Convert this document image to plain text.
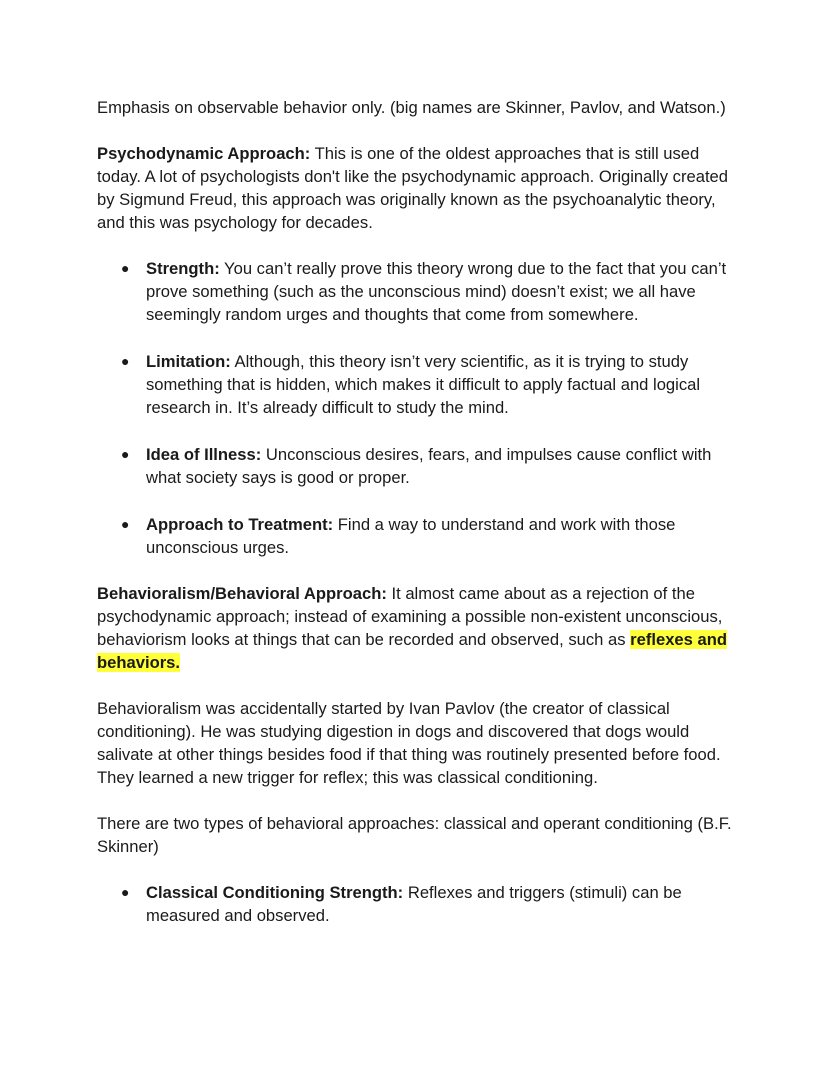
Emphasis on observable behavior only. (big names are Skinner, Pavlov, and Watson.)

Psychodynamic Approach: This is one of the oldest approaches that is still used today. A lot of psychologists don't like the psychodynamic approach. Originally created by Sigmund Freud, this approach was originally known as the psychoanalytic theory, and this was psychology for decades.

● Strength: You can’t really prove this theory wrong due to the fact that you can’t prove something (such as the unconscious mind) doesn’t exist; we all have seemingly random urges and thoughts that come from somewhere.
● Limitation: Although, this theory isn’t very scientific, as it is trying to study something that is hidden, which makes it difficult to apply factual and logical research in. It’s already difficult to study the mind.
● Idea of Illness: Unconscious desires, fears, and impulses cause conflict with what society says is good or proper.
● Approach to Treatment: Find a way to understand and work with those unconscious urges.

Behavioralism/Behavioral Approach: It almost came about as a rejection of the psychodynamic approach; instead of examining a possible non-existent unconscious, behaviorism looks at things that can be recorded and observed, such as reflexes and behaviors.

Behavioralism was accidentally started by Ivan Pavlov (the creator of classical conditioning). He was studying digestion in dogs and discovered that dogs would salivate at other things besides food if that thing was routinely presented before food. They learned a new trigger for reflex; this was classical conditioning.

There are two types of behavioral approaches: classical and operant conditioning (B.F. Skinner)

● Classical Conditioning Strength: Reflexes and triggers (stimuli) can be measured and observed.
